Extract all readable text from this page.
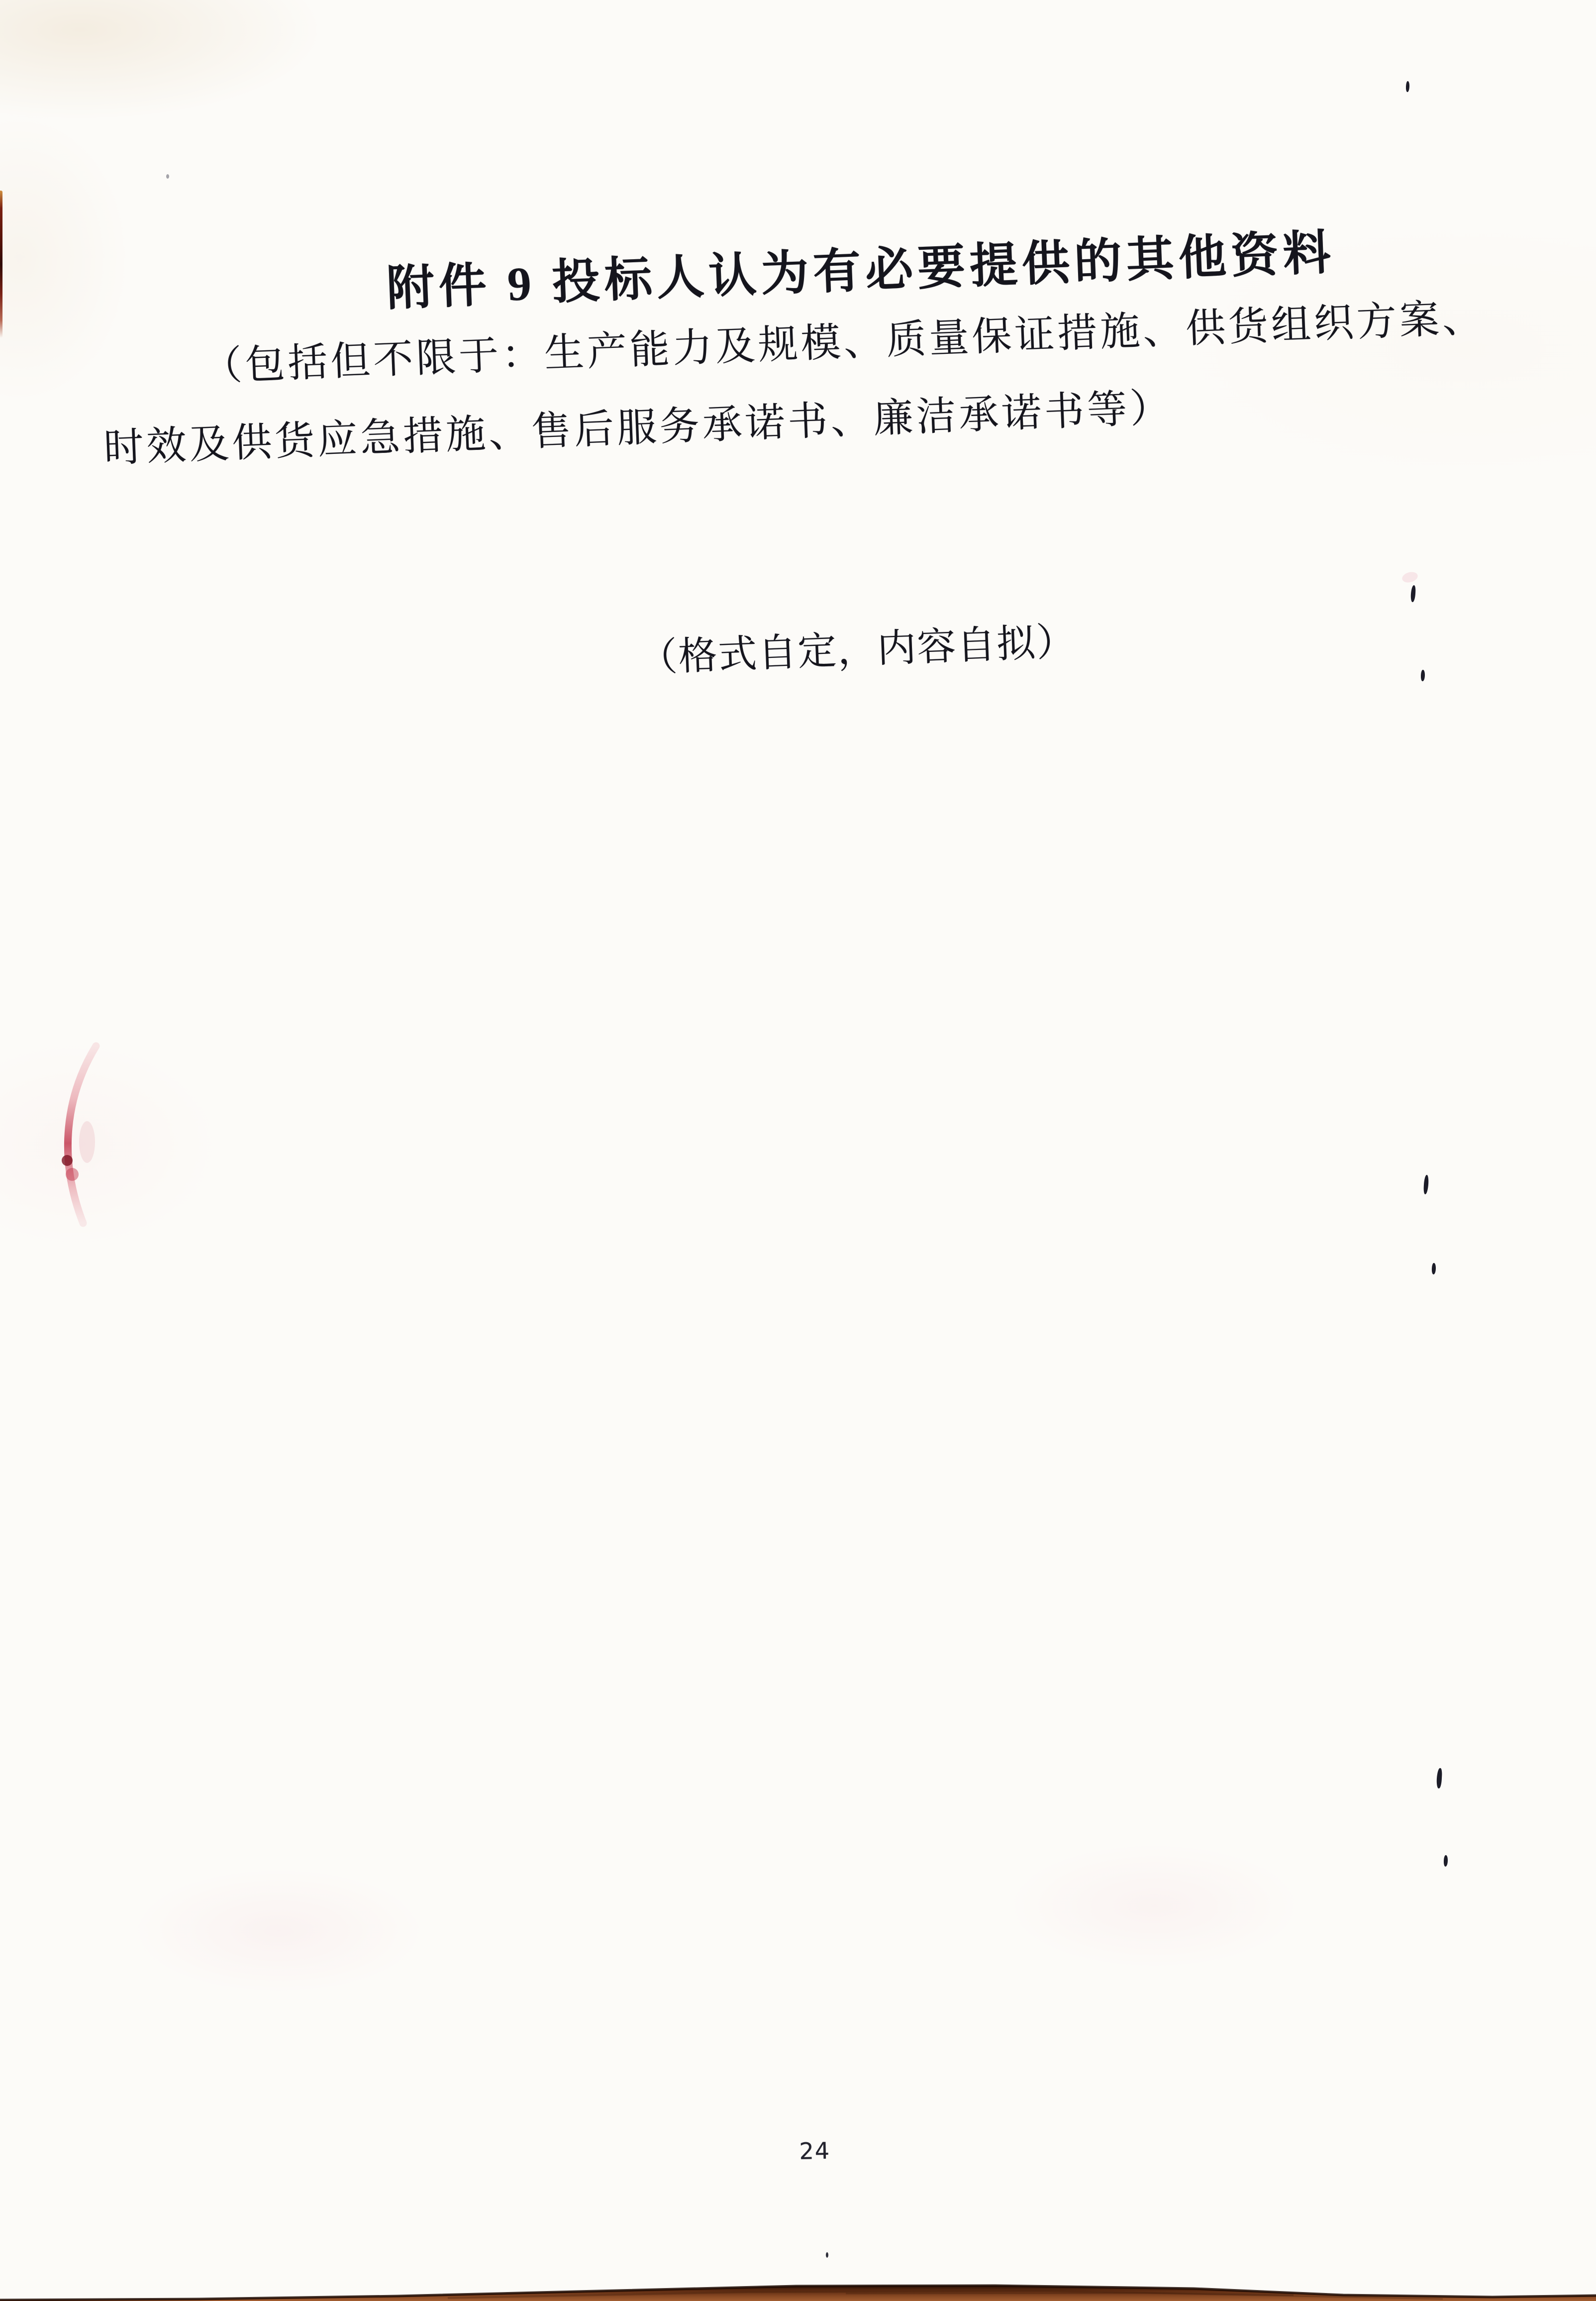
附件 9 投标人认为有必要提供的其他资料
（包括但不限于：生产能力及规模、质量保证措施、供货组织方案、
时效及供货应急措施、售后服务承诺书、廉洁承诺书等）
（格式自定，内容自拟）
24
